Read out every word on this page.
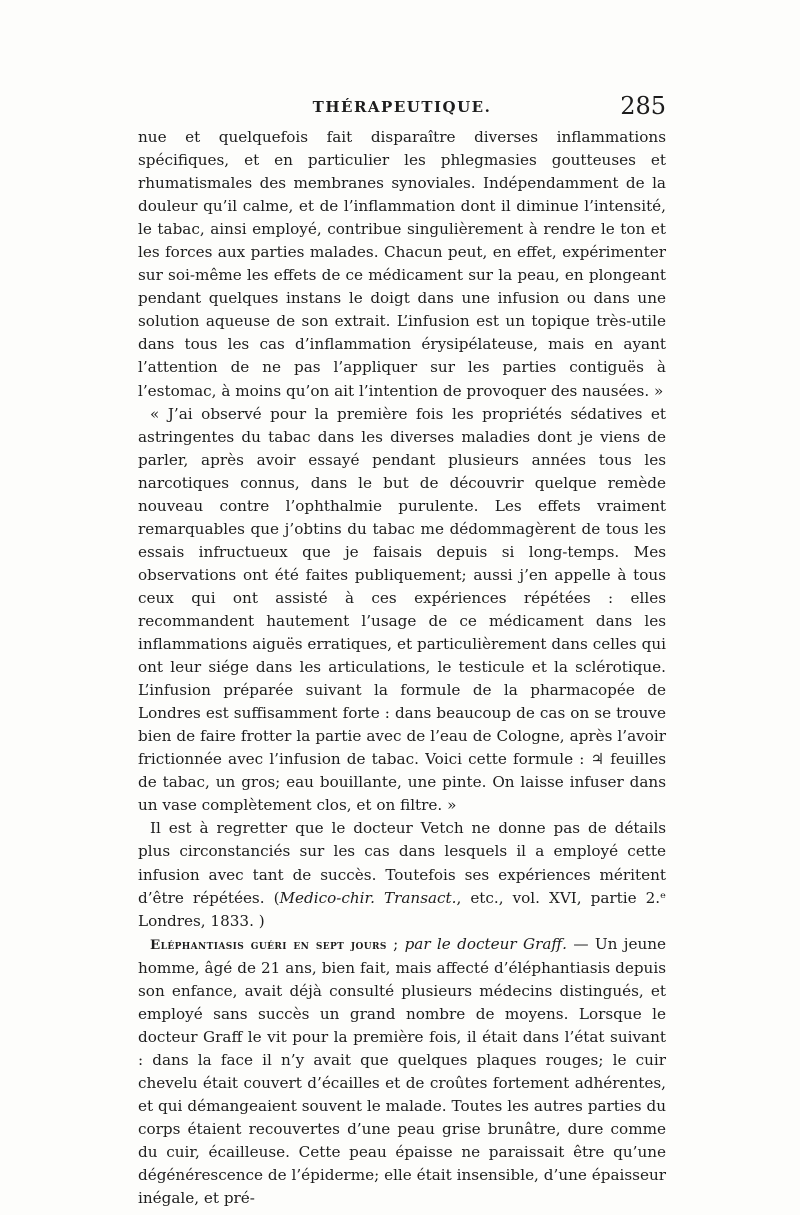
THÉRAPEUTIQUE.	285

nue et quelquefois fait disparaître diverses inflammations spécifiques, et en particulier les phlegmasies goutteuses et rhumatismales des membranes synoviales. Indépendamment de la douleur qu’il calme, et de l’inflammation dont il diminue l’intensité, le tabac, ainsi employé, contribue singulièrement à rendre le ton et les forces aux parties malades. Chacun peut, en effet, expérimenter sur soi-même les effets de ce médicament sur la peau, en plongeant pendant quelques instans le doigt dans une infusion ou dans une solution aqueuse de son extrait. L’infusion est un topique très-utile dans tous les cas d’inflammation érysipélateuse, mais en ayant l’attention de ne pas l’appliquer sur les parties contiguës à l’estomac, à moins qu’on ait l’intention de provoquer des nausées. »

« J’ai observé pour la première fois les propriétés sédatives et astringentes du tabac dans les diverses maladies dont je viens de parler, après avoir essayé pendant plusieurs années tous les narcotiques connus, dans le but de découvrir quelque remède nouveau contre l’ophthalmie purulente. Les effets vraiment remarquables que j’obtins du tabac me dédommagèrent de tous les essais infructueux que je faisais depuis si long-temps. Mes observations ont été faites publiquement; aussi j’en appelle à tous ceux qui ont assisté à ces expériences répétées : elles recommandent hautement l’usage de ce médicament dans les inflammations aiguës erratiques, et particulièrement dans celles qui ont leur siége dans les articulations, le testicule et la sclérotique. L’infusion préparée suivant la formule de la pharmacopée de Londres est suffisamment forte : dans beaucoup de cas on se trouve bien de faire frotter la partie avec de l’eau de Cologne, après l’avoir frictionnée avec l’infusion de tabac. Voici cette formule : ♃ feuilles de tabac, un gros; eau bouillante, une pinte. On laisse infuser dans un vase complètement clos, et on filtre. »

Il est à regretter que le docteur Vetch ne donne pas de détails plus circonstanciés sur les cas dans lesquels il a employé cette infusion avec tant de succès. Toutefois ses expériences méritent d’être répétées. (Medico-chir. Transact., etc., vol. XVI, partie 2.ᵉ Londres, 1833. )

Eléphantiasis guéri en sept jours ; par le docteur Graff. — Un jeune homme, âgé de 21 ans, bien fait, mais affecté d’éléphantiasis depuis son enfance, avait déjà consulté plusieurs médecins distingués, et employé sans succès un grand nombre de moyens. Lorsque le docteur Graff le vit pour la première fois, il était dans l’état suivant : dans la face il n’y avait que quelques plaques rouges; le cuir chevelu était couvert d’écailles et de croûtes fortement adhérentes, et qui démangeaient souvent le malade. Toutes les autres parties du corps étaient recouvertes d’une peau grise brunâtre, dure comme du cuir, écailleuse. Cette peau épaisse ne paraissait être qu’une dégénérescence de l’épiderme; elle était insensible, d’une épaisseur inégale, et pré-
